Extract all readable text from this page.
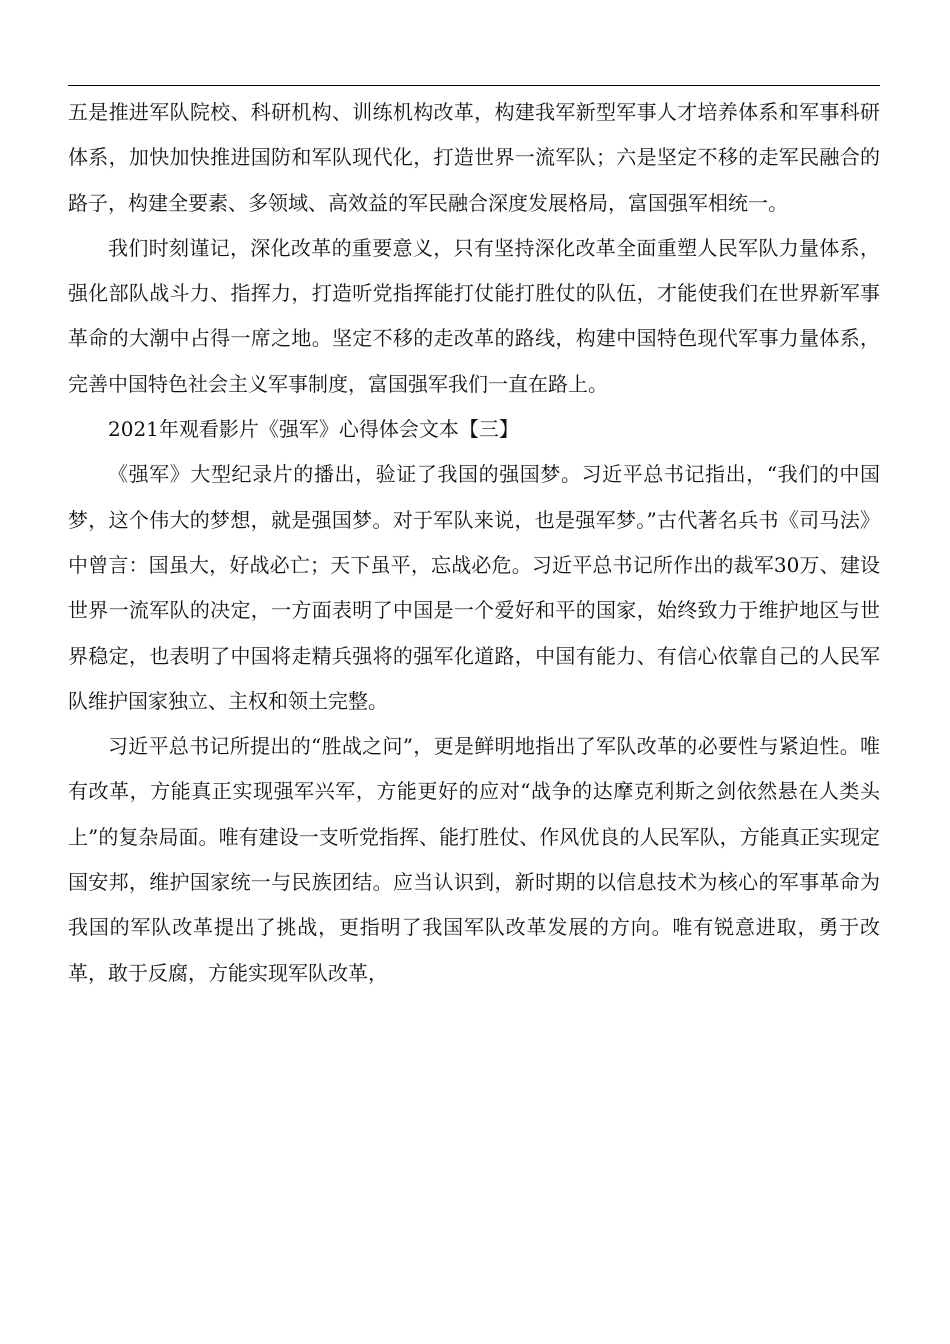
五是推进军队院校、科研机构、训练机构改革，构建我军新型军事人才培养体系和军事科研体系，加快加快推进国防和军队现代化，打造世界一流军队；六是坚定不移的走军民融合的路子，构建全要素、多领域、高效益的军民融合深度发展格局，富国强军相统一。

我们时刻谨记，深化改革的重要意义，只有坚持深化改革全面重塑人民军队力量体系，强化部队战斗力、指挥力，打造听党指挥能打仗能打胜仗的队伍，才能使我们在世界新军事革命的大潮中占得一席之地。坚定不移的走改革的路线，构建中国特色现代军事力量体系，完善中国特色社会主义军事制度，富国强军我们一直在路上。

2021年观看影片《强军》心得体会文本【三】

《强军》大型纪录片的播出，验证了我国的强国梦。习近平总书记指出，“我们的中国梦，这个伟大的梦想，就是强国梦。对于军队来说，也是强军梦。”古代著名兵书《司马法》中曾言：国虽大，好战必亡；天下虽平，忘战必危。习近平总书记所作出的裁军30万、建设世界一流军队的决定，一方面表明了中国是一个爱好和平的国家，始终致力于维护地区与世界稳定，也表明了中国将走精兵强将的强军化道路，中国有能力、有信心依靠自己的人民军队维护国家独立、主权和领土完整。

习近平总书记所提出的“胜战之问”，更是鲜明地指出了军队改革的必要性与紧迫性。唯有改革，方能真正实现强军兴军，方能更好的应对“战争的达摩克利斯之剑依然悬在人类头上”的复杂局面。唯有建设一支听党指挥、能打胜仗、作风优良的人民军队，方能真正实现定国安邦，维护国家统一与民族团结。应当认识到，新时期的以信息技术为核心的军事革命为我国的军队改革提出了挑战，更指明了我国军队改革发展的方向。唯有锐意进取，勇于改革，敢于反腐，方能实现军队改革，
